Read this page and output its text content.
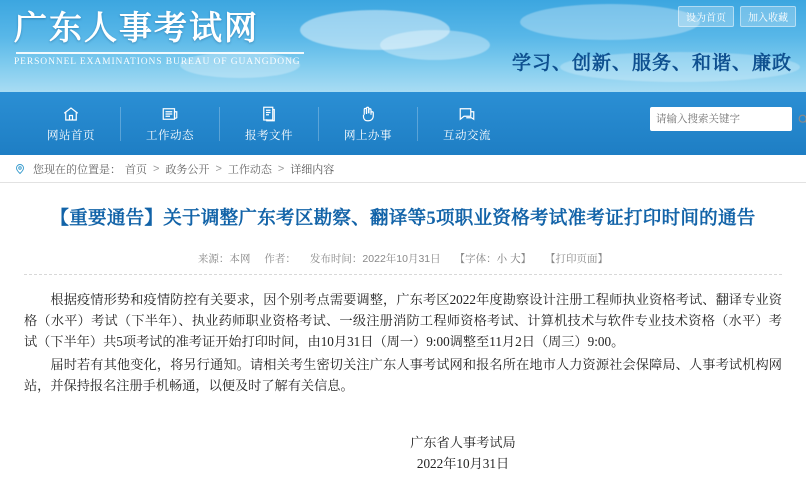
设为首页	加入收藏
广东人事考试网
PERSONNEL EXAMINATIONS BUREAU OF GUANGDONG	学习、创新、服务、和谐、廉政
网站首页	工作动态	报考文件	网上办事	互动交流
请输入搜索关键字
您现在的位置是： 首页 > 政务公开 > 工作动态 > 详细内容
【重要通告】关于调整广东考区勘察、翻译等5项职业资格考试准考证打印时间的通告
来源：本网 作者： 发布时间：2022年10月31日 【字体：小 大】 【打印页面】

根据疫情形势和疫情防控有关要求，因个别考点需要调整，广东考区2022年度勘察设计注册工程师执业资格考试、翻译专业资格（水平）考试（下半年）、执业药师职业资格考试、一级注册消防工程师资格考试、计算机技术与软件专业技术资格（水平）考试（下半年）共5项考试的准考证开始打印时间，由10月31日（周一）9:00调整至11月2日（周三）9:00。

届时若有其他变化，将另行通知。请相关考生密切关注广东人事考试网和报名所在地市人力资源社会保障局、人事考试机构网站，并保持报名注册手机畅通，以便及时了解有关信息。

广东省人事考试局
2022年10月31日
